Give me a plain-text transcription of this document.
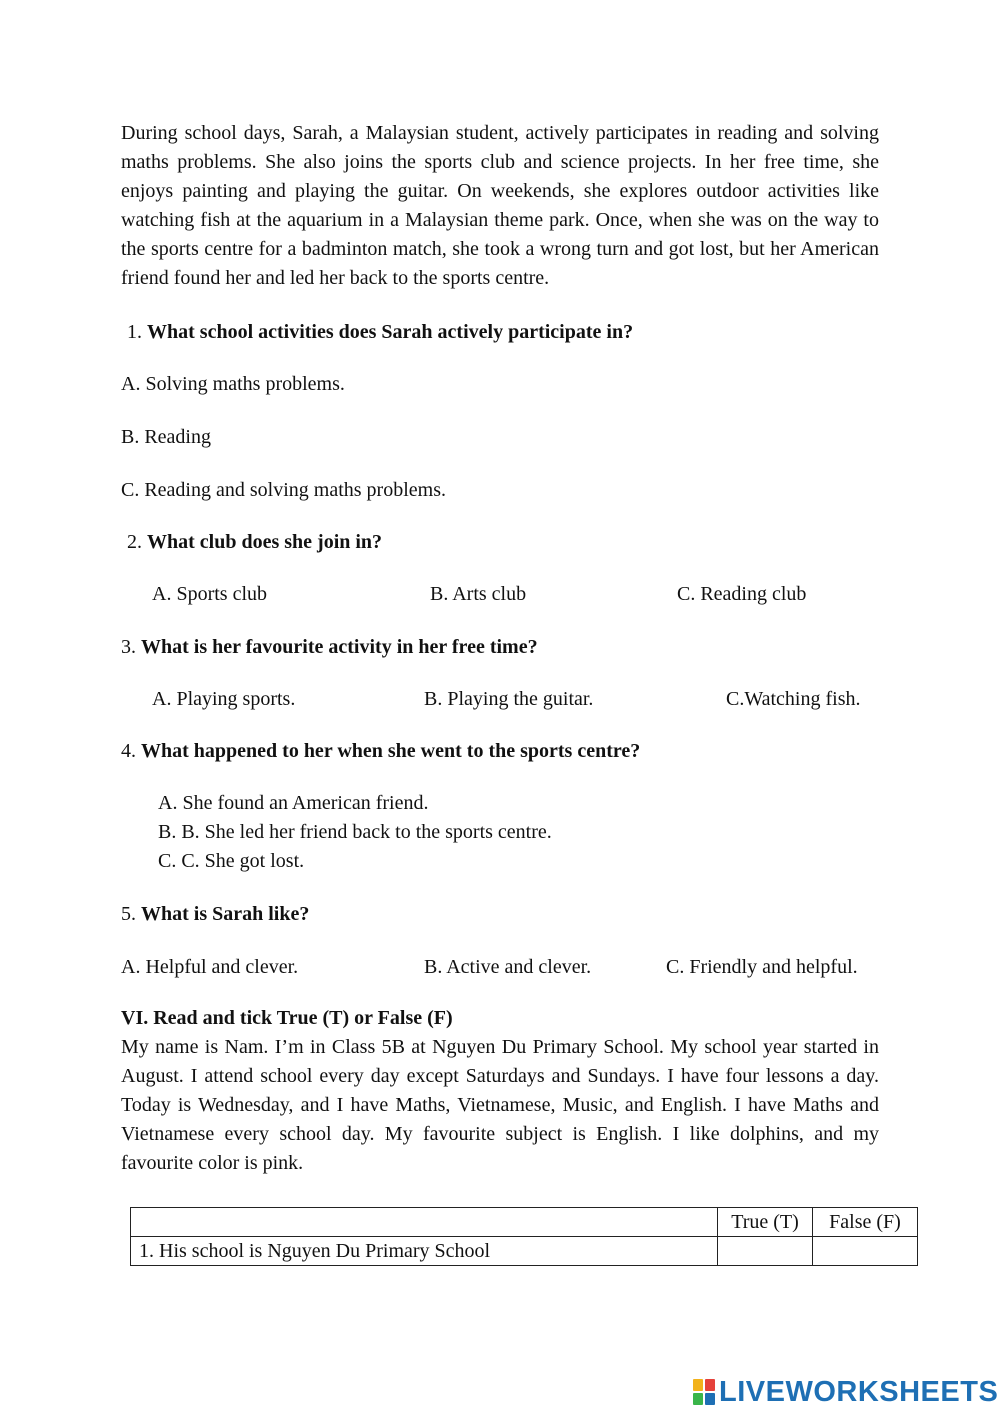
During school days, Sarah, a Malaysian student, actively participates in reading and solving maths problems. She also joins the sports club and science projects. In her free time, she enjoys painting and playing the guitar. On weekends, she explores outdoor activities like watching fish at the aquarium in a Malaysian theme park. Once, when she was on the way to the sports centre for a badminton match, she took a wrong turn and got lost, but her American friend found her and led her back to the sports centre.

1. What school activities does Sarah actively participate in?
A. Solving maths problems.
B. Reading
C. Reading and solving maths problems.
2. What club does she join in?
A. Sports club	B. Arts club	C. Reading club
3. What is her favourite activity in her free time?
A. Playing sports.	B. Playing the guitar.	C.Watching fish.
4. What happened to her when she went to the sports centre?
A. She found an American friend.
B. B. She led her friend back to the sports centre.
C. C. She got lost.
5. What is Sarah like?
A. Helpful and clever.	B. Active and clever.	C. Friendly and helpful.
VI. Read and tick True (T) or False (F)

My name is Nam. I’m in Class 5B at Nguyen Du Primary School. My school year started in August. I attend school every day except Saturdays and Sundays. I have four lessons a day. Today is Wednesday, and I have Maths, Vietnamese, Music, and English. I have Maths and Vietnamese every school day. My favourite subject is English. I like dolphins, and my favourite color is pink.

	True (T)	False (F)
1. His school is Nguyen Du Primary School		
LIVEWORKSHEETS
